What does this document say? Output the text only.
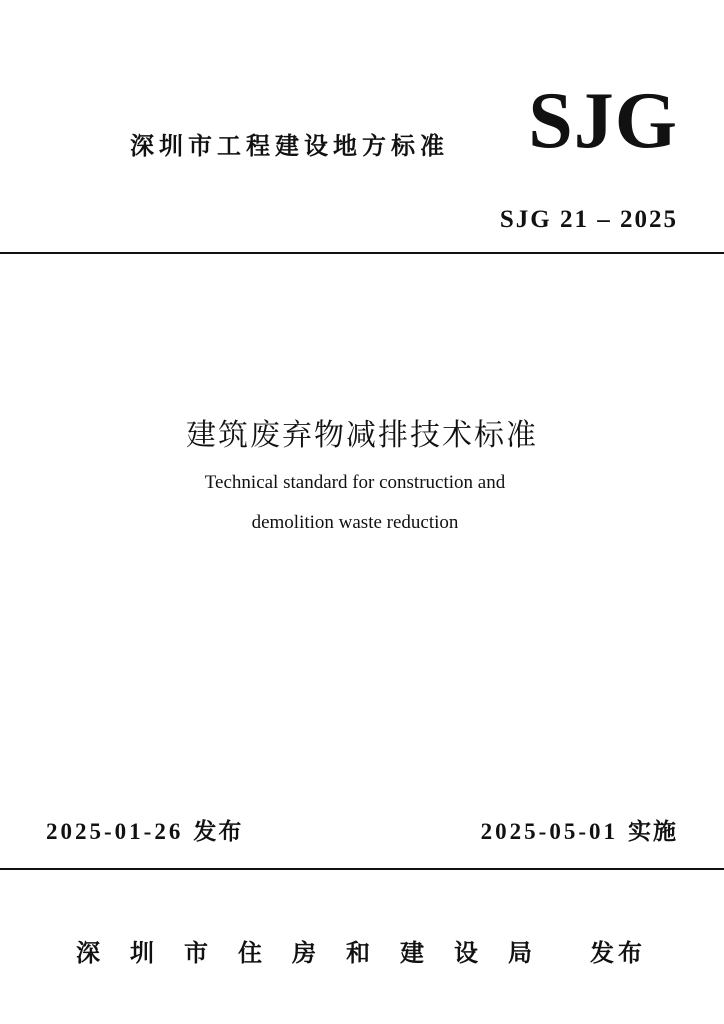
深圳市工程建设地方标准 SJG
SJG 21 – 2025
建筑废弃物减排技术标准
Technical standard for construction and
demolition waste reduction
2025-01-26 发布	2025-05-01 实施
深圳市住房和建设局 发布
